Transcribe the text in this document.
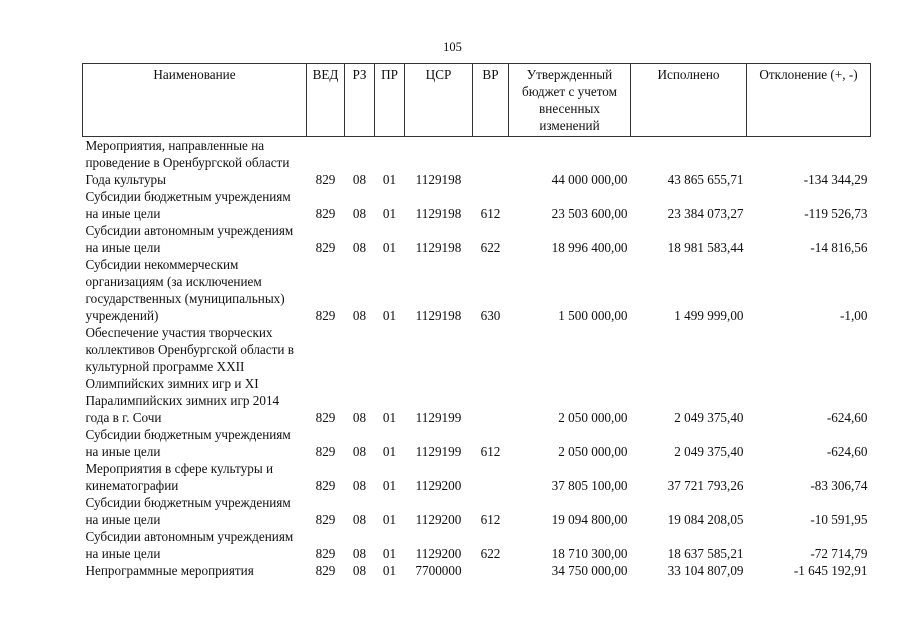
105
Наименование	ВЕД	РЗ	ПР	ЦСР	ВР	Утвержденный бюджет с учетом внесенных изменений	Исполнено	Отклонение (+, -)
Мероприятия, направленные на проведение в Оренбургской области Года культуры	829	08	01	1129198		44 000 000,00	43 865 655,71	-134 344,29
Субсидии бюджетным учреждениям на иные цели	829	08	01	1129198	612	23 503 600,00	23 384 073,27	-119 526,73
Субсидии автономным учреждениям на иные цели	829	08	01	1129198	622	18 996 400,00	18 981 583,44	-14 816,56
Субсидии некоммерческим организациям (за исключением государственных (муниципальных) учреждений)	829	08	01	1129198	630	1 500 000,00	1 499 999,00	-1,00
Обеспечение участия творческих коллективов Оренбургской области в культурной программе XXII Олимпийских зимних игр и XI Паралимпийских зимних игр 2014 года в г. Сочи	829	08	01	1129199		2 050 000,00	2 049 375,40	-624,60
Субсидии бюджетным учреждениям на иные цели	829	08	01	1129199	612	2 050 000,00	2 049 375,40	-624,60
Мероприятия в сфере культуры и кинематографии	829	08	01	1129200		37 805 100,00	37 721 793,26	-83 306,74
Субсидии бюджетным учреждениям на иные цели	829	08	01	1129200	612	19 094 800,00	19 084 208,05	-10 591,95
Субсидии автономным учреждениям на иные цели	829	08	01	1129200	622	18 710 300,00	18 637 585,21	-72 714,79
Непрограммные мероприятия	829	08	01	7700000		34 750 000,00	33 104 807,09	-1 645 192,91
